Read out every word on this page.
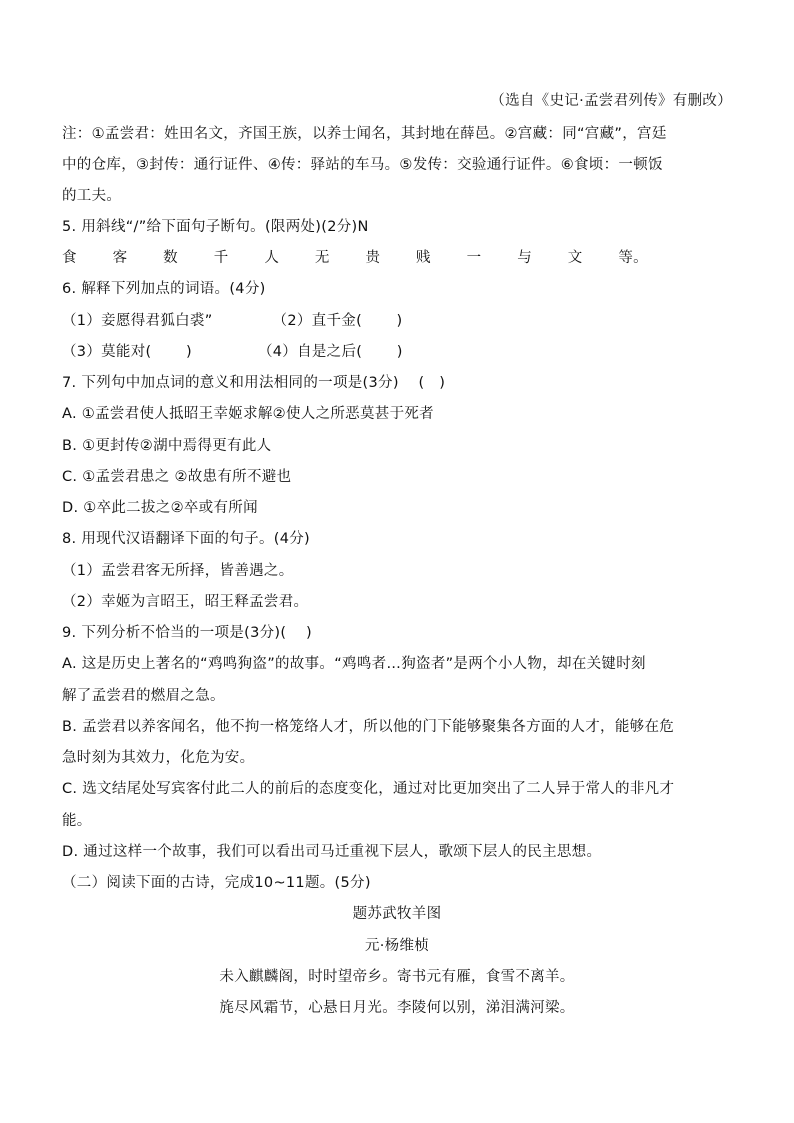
（选自《史记·孟尝君列传》有删改）
注：①孟尝君：姓田名文，齐国王族，以养士闻名，其封地在薛邑。②宫藏：同“宫藏”，宫廷
中的仓库，③封传：通行证件、④传：驿站的车马。⑤发传：交验通行证件。⑥食顷：一顿饭
的工夫。
5. 用斜线“/”给下面句子断句。(限两处)(2分)N
食 客 数 千 人 无 贵 贱 一 与 文 等。
6. 解释下列加点的词语。(4分)
（1）妾愿得君狐白裘”	（2）直千金(　　 )
（3）莫能对(　　 )	（4）自是之后(　　 )
7. 下列句中加点词的意义和用法相同的一项是(3分)　 (　)
A. ①孟尝君使人抵昭王幸姬求解②使人之所恶莫甚于死者
B. ①更封传②湖中焉得更有此人
C. ①孟尝君患之 ②故患有所不避也
D. ①卒此二拔之②卒或有所闻
8. 用现代汉语翻译下面的句子。(4分)
（1）孟尝君客无所择，皆善遇之。
（2）幸姬为言昭王，昭王释孟尝君。
9. 下列分析不恰当的一项是(3分)(　 )
A. 这是历史上著名的“鸡鸣狗盗”的故事。“鸡鸣者…狗盗者”是两个小人物，却在关键时刻
解了孟尝君的燃眉之急。
B. 孟尝君以养客闻名，他不拘一格笼络人才，所以他的门下能够聚集各方面的人才，能够在危
急时刻为其效力，化危为安。
C. 选文结尾处写宾客付此二人的前后的态度变化，通过对比更加突出了二人异于常人的非凡才
能。
D. 通过这样一个故事，我们可以看出司马迁重视下层人，歌颂下层人的民主思想。
（二）阅读下面的古诗，完成10~11题。(5分)
题苏武牧羊图
元·杨维桢
未入麒麟阁，时时望帝乡。寄书元有雁，食雪不离羊。
旄尽风霜节，心悬日月光。李陵何以别，涕泪满河梁。
